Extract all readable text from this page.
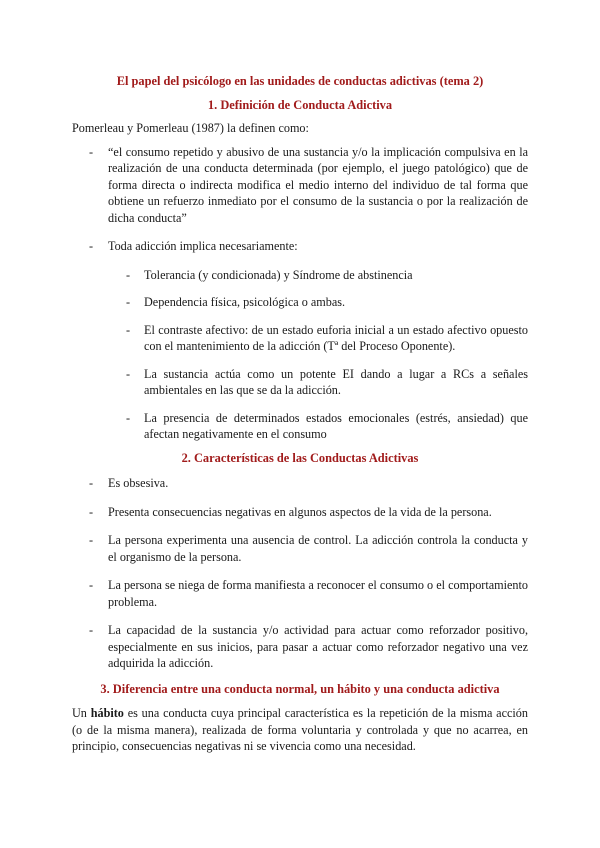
El papel del psicólogo en las unidades de conductas adictivas (tema 2)

1. Definición de Conducta Adictiva

Pomerleau y Pomerleau (1987) la definen como:

- “el consumo repetido y abusivo de una sustancia y/o la implicación compulsiva en la realización de una conducta determinada (por ejemplo, el juego patológico) que de forma directa o indirecta modifica el medio interno del individuo de tal forma que obtiene un refuerzo inmediato por el consumo de la sustancia o por la realización de dicha conducta”
- Toda adicción implica necesariamente:
- Tolerancia (y condicionada) y Síndrome de abstinencia
- Dependencia física, psicológica o ambas.
- El contraste afectivo: de un estado euforia inicial a un estado afectivo opuesto con el mantenimiento de la adicción (Tª del Proceso Oponente).
- La sustancia actúa como un potente EI dando a lugar a RCs a señales ambientales en las que se da la adicción.
- La presencia de determinados estados emocionales (estrés, ansiedad) que afectan negativamente en el consumo

2. Características de las Conductas Adictivas

- Es obsesiva.
- Presenta consecuencias negativas en algunos aspectos de la vida de la persona.
- La persona experimenta una ausencia de control. La adicción controla la conducta y el organismo de la persona.
- La persona se niega de forma manifiesta a reconocer el consumo o el comportamiento problema.
- La capacidad de la sustancia y/o actividad para actuar como reforzador positivo, especialmente en sus inicios, para pasar a actuar como reforzador negativo una vez adquirida la adicción.

3. Diferencia entre una conducta normal, un hábito y una conducta adictiva

Un hábito es una conducta cuya principal característica es la repetición de la misma acción (o de la misma manera), realizada de forma voluntaria y controlada y que no acarrea, en principio, consecuencias negativas ni se vivencia como una necesidad.
